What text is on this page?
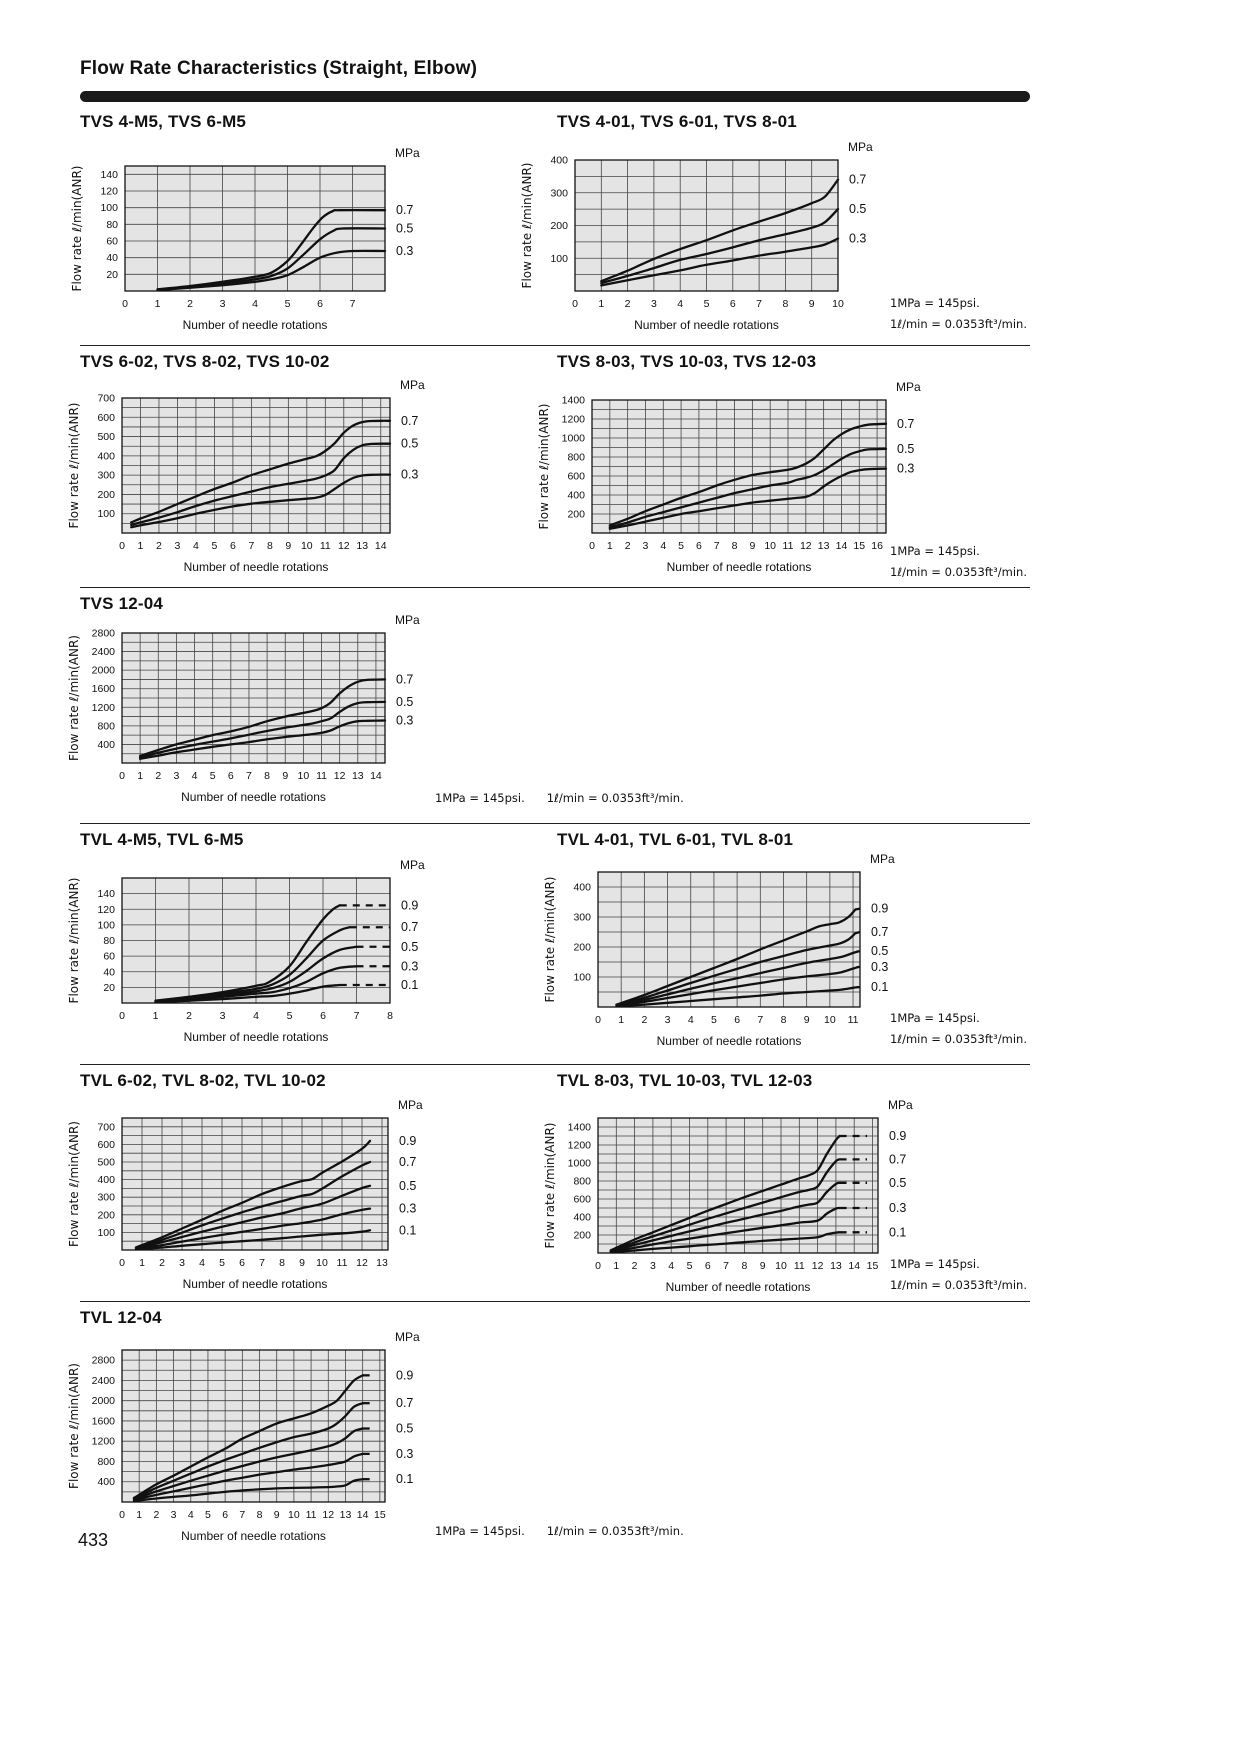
Flow Rate Characteristics (Straight, Elbow)
TVS 4-M5, TVS 6-M5	TVS 4-01, TVS 6-01, TVS 8-01
TVS 6-02, TVS 8-02, TVS 10-02	TVS 8-03, TVS 10-03, TVS 12-03
TVS 12-04
TVL 4-M5, TVL 6-M5	TVL 4-01, TVL 6-01, TVL 8-01
TVL 6-02, TVL 8-02, TVL 10-02	TVL 8-03, TVL 10-03, TVL 12-03
TVL 12-04
0.7
0.5
0.3
20
40
60
80
100
120
140
0	1	2	3	4	5	6	7
MPa
Flow rate ℓ/min(ANR)
Number of needle rotations
0.7
0.5
0.3
100
200
300
400
0 1 2 3 4 5 6 7 8 9 10
MPa
Flow rate ℓ/min(ANR)
Number of needle rotations
0.7
0.5
0.3
100
200
300
400
500
600
700
0 1 2 3 4 5 6 7 8 9 10 11 12 13 14
MPa
Flow rate ℓ/min(ANR)
Number of needle rotations
0.7
0.5
0.3
200
400
600
800
1000
1200
1400
0 1 2 3 4 5 6 7 8 9 10 11 12 13 14 15 16
MPa
Flow rate ℓ/min(ANR)
Number of needle rotations
0.7
0.5
0.3
400
800
1200
1600
2000
2400
2800
0 1 2 3 4 5 6 7 8 9 10 11 12 13 14
MPa
Flow rate ℓ/min(ANR)
Number of needle rotations
0.9
0.7
0.5
0.3
0.1
20
40
60
80
100
120
140
0	1	2	3	4	5	6	7	8
MPa
Flow rate ℓ/min(ANR)
Number of needle rotations
0.9
0.7
0.5
0.3
0.1
100
200
300
400
0 1 2 3 4 5 6 7 8 9 10 11
MPa
Flow rate ℓ/min(ANR)
Number of needle rotations
0.9
0.7
0.5
0.3
0.1
100
200
300
400
500
600
700
0 1 2 3 4 5 6 7 8 9 10 11 12 13
MPa
Flow rate ℓ/min(ANR)
Number of needle rotations
0.9
0.7
0.5
0.3
0.1
200
400
600
800
1000
1200
1400
0 1 2 3 4 5 6 7 8 9 10 11 12 13 14 15
MPa
Flow rate ℓ/min(ANR)
Number of needle rotations
0.9
0.7
0.5
0.3
0.1
400
800
1200
1600
2000
2400
2800
0 1 2 3 4 5 6 7 8 9 10 11 12 13 14 15
MPa
Flow rate ℓ/min(ANR)
Number of needle rotations
1MPa = 145psi.
1ℓ/min = 0.0353ft³/min.
1MPa = 145psi.
1ℓ/min = 0.0353ft³/min.
1MPa = 145psi. 1ℓ/min = 0.0353ft³/min.
1MPa = 145psi.
1ℓ/min = 0.0353ft³/min.
1MPa = 145psi.
1ℓ/min = 0.0353ft³/min.
1MPa = 145psi. 1ℓ/min = 0.0353ft³/min.
433
